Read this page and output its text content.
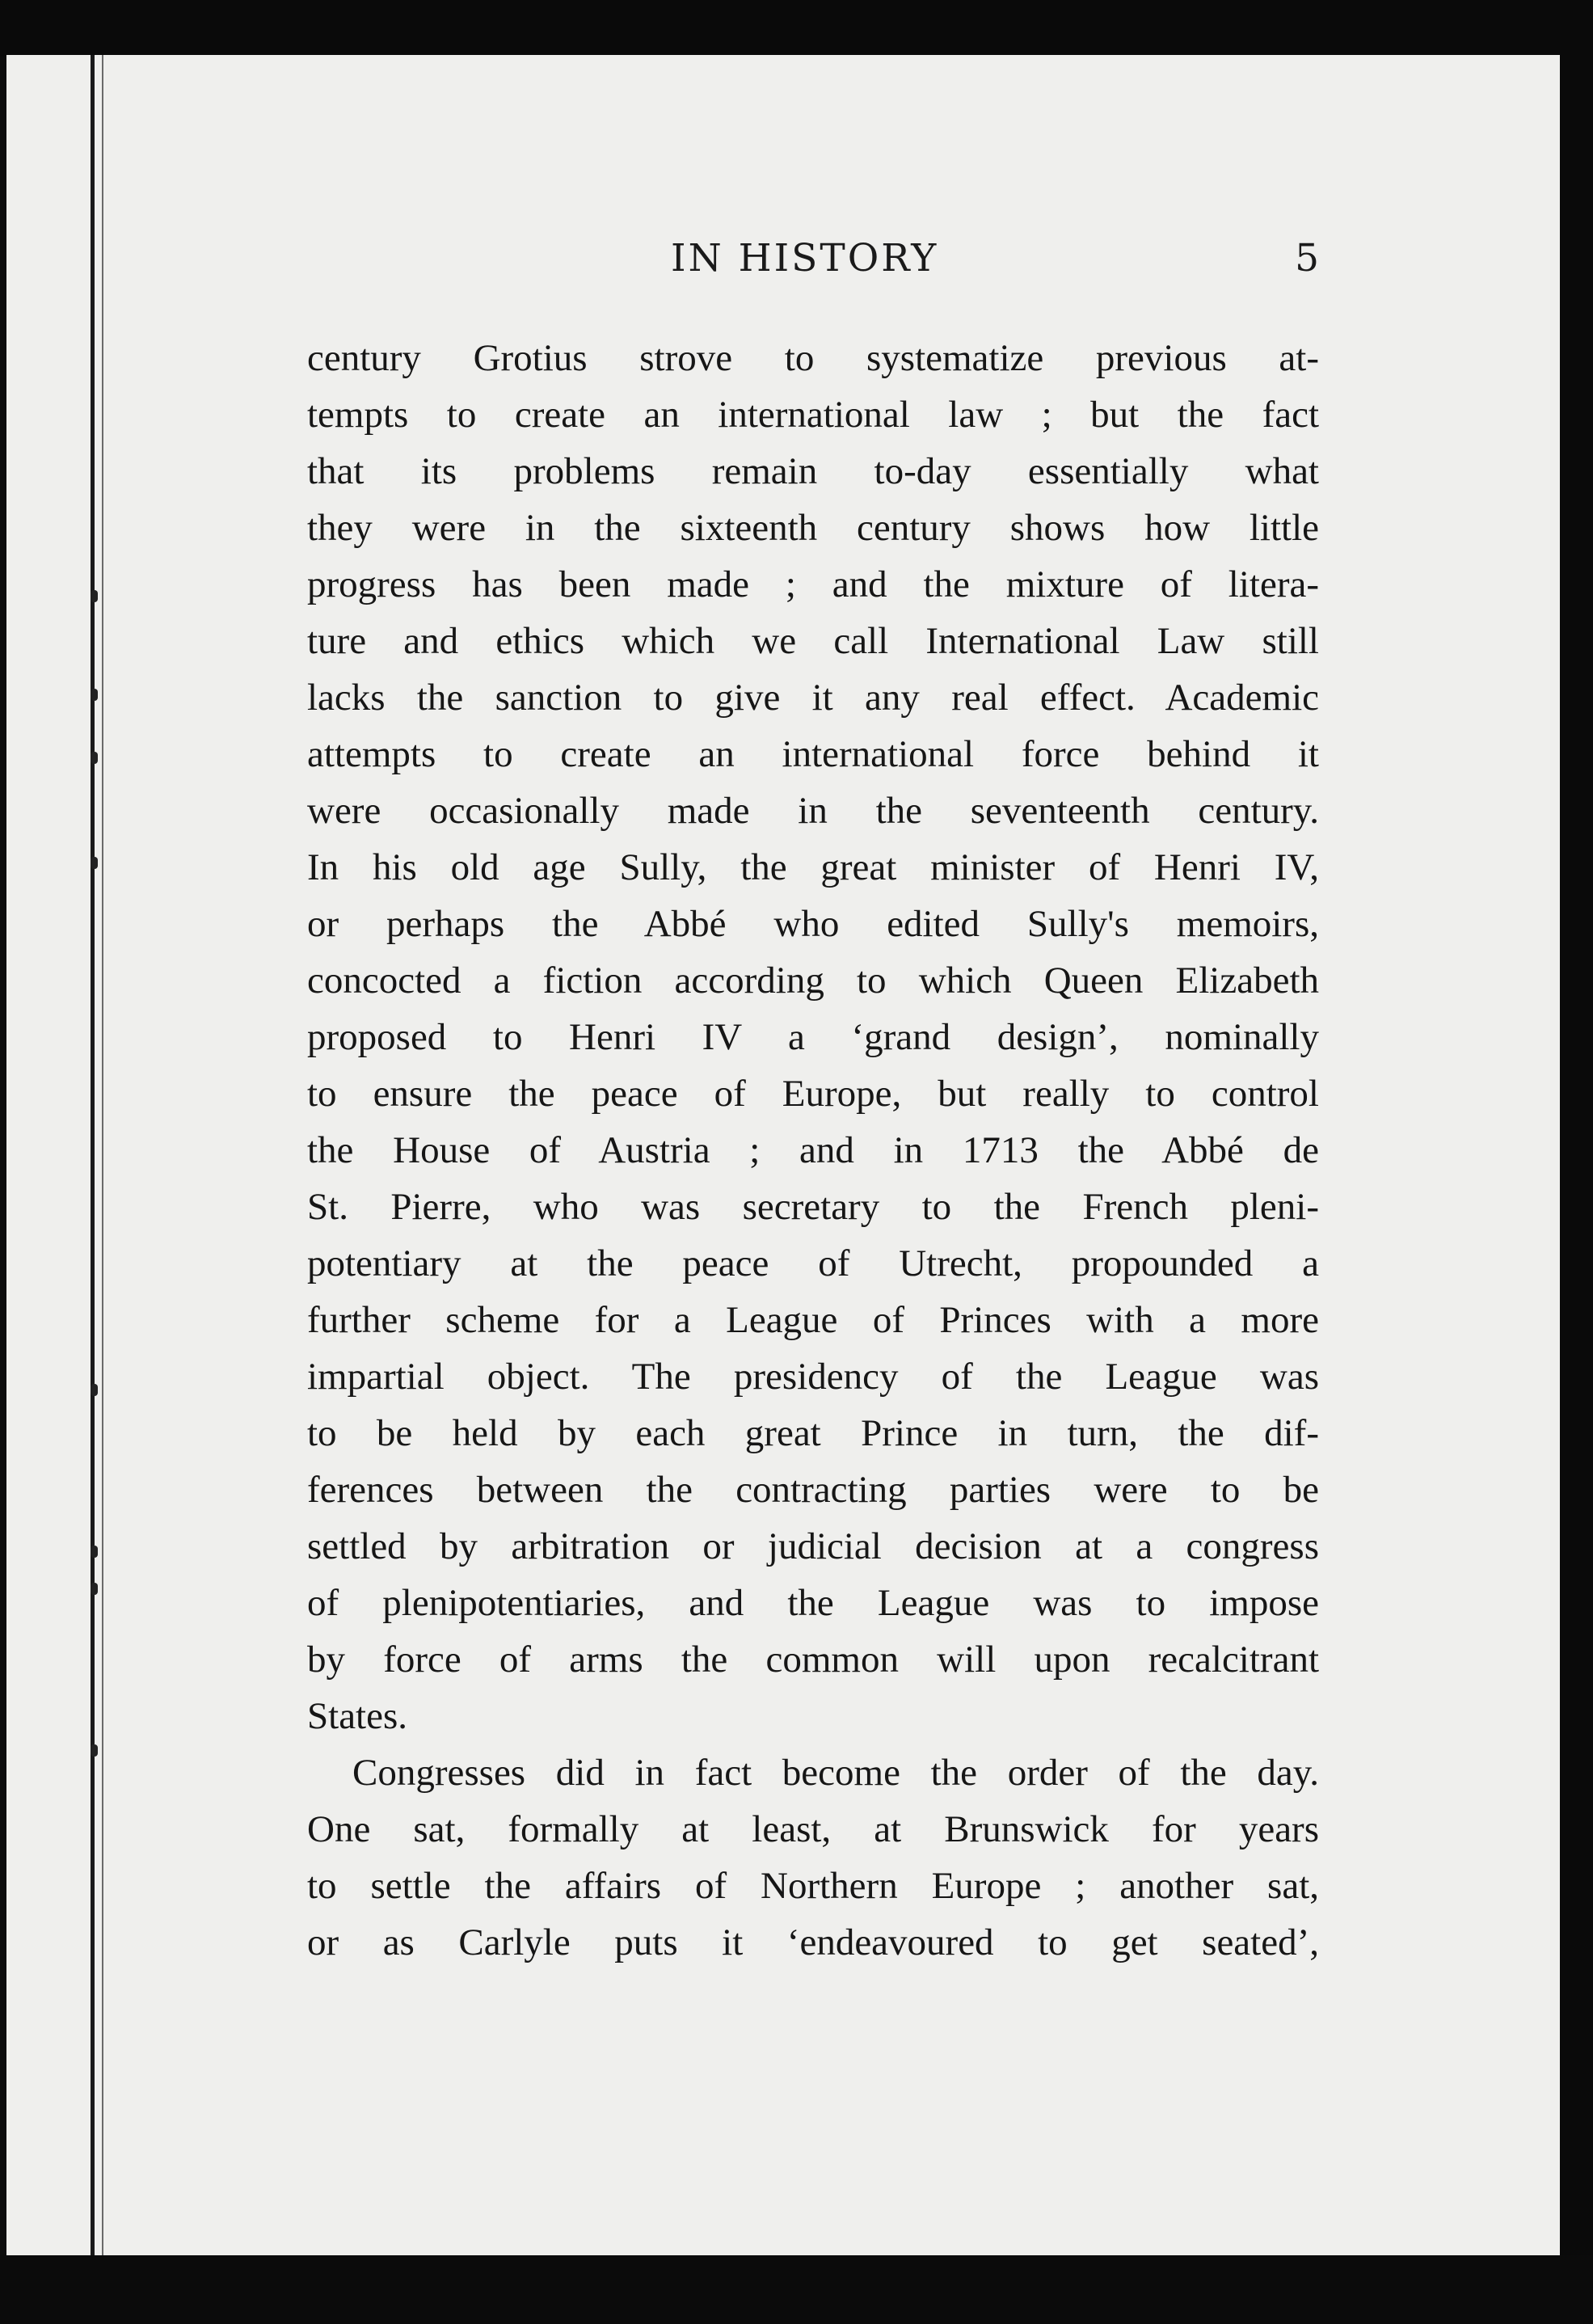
IN HISTORY	5
century Grotius strove to systematize previous at-
tempts to create an international law ; but the fact
that its problems remain to-day essentially what
they were in the sixteenth century shows how little
progress has been made ; and the mixture of litera-
ture and ethics which we call International Law still
lacks the sanction to give it any real effect. Academic
attempts to create an international force behind it
were occasionally made in the seventeenth century.
In his old age Sully, the great minister of Henri IV,
or perhaps the Abbé who edited Sully's memoirs,
concocted a fiction according to which Queen Elizabeth
proposed to Henri IV a ‘grand design’, nominally
to ensure the peace of Europe, but really to control
the House of Austria ; and in 1713 the Abbé de
St. Pierre, who was secretary to the French pleni-
potentiary at the peace of Utrecht, propounded a
further scheme for a League of Princes with a more
impartial object. The presidency of the League was
to be held by each great Prince in turn, the dif-
ferences between the contracting parties were to be
settled by arbitration or judicial decision at a congress
of plenipotentiaries, and the League was to impose
by force of arms the common will upon recalcitrant
States.
Congresses did in fact become the order of the day.
One sat, formally at least, at Brunswick for years
to settle the affairs of Northern Europe ; another sat,
or as Carlyle puts it ‘endeavoured to get seated’,
